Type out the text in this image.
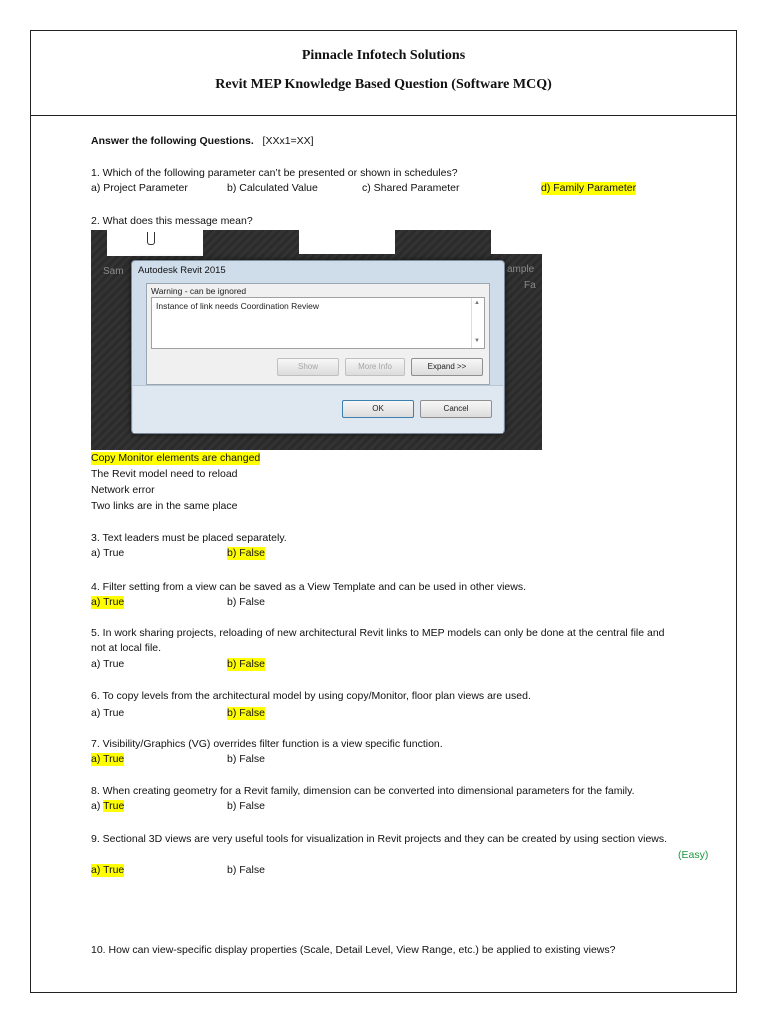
Pinnacle Infotech Solutions
Revit MEP Knowledge Based Question (Software MCQ)
Answer the following Questions. [XXx1=XX]
1. Which of the following parameter can’t be presented or shown in schedules?
a) Project Parameter	b) Calculated Value	c) Shared Parameter	d) Family Parameter
2. What does this message mean?
Sam	ample
Fa
Autodesk Revit 2015
Warning - can be ignored
Instance of link needs Coordination Review	▲
▼
Show	More Info	Expand >>
OK	Cancel
Copy Monitor elements are changed
The Revit model need to reload
Network error
Two links are in the same place
3. Text leaders must be placed separately.
a) True	b) False
4. Filter setting from a view can be saved as a View Template and can be used in other views.
a) True	b) False
5. In work sharing projects, reloading of new architectural Revit links to MEP models can only be done at the central file and
not at local file.
a) True	b) False
6. To copy levels from the architectural model by using copy/Monitor, floor plan views are used.
a) True	b) False
7. Visibility/Graphics (VG) overrides filter function is a view specific function.
a) True	b) False
8. When creating geometry for a Revit family, dimension can be converted into dimensional parameters for the family.
a) True	b) False
9. Sectional 3D views are very useful tools for visualization in Revit projects and they can be created by using section views.
(Easy)
a) True	b) False
10. How can view-specific display properties (Scale, Detail Level, View Range, etc.) be applied to existing views?
